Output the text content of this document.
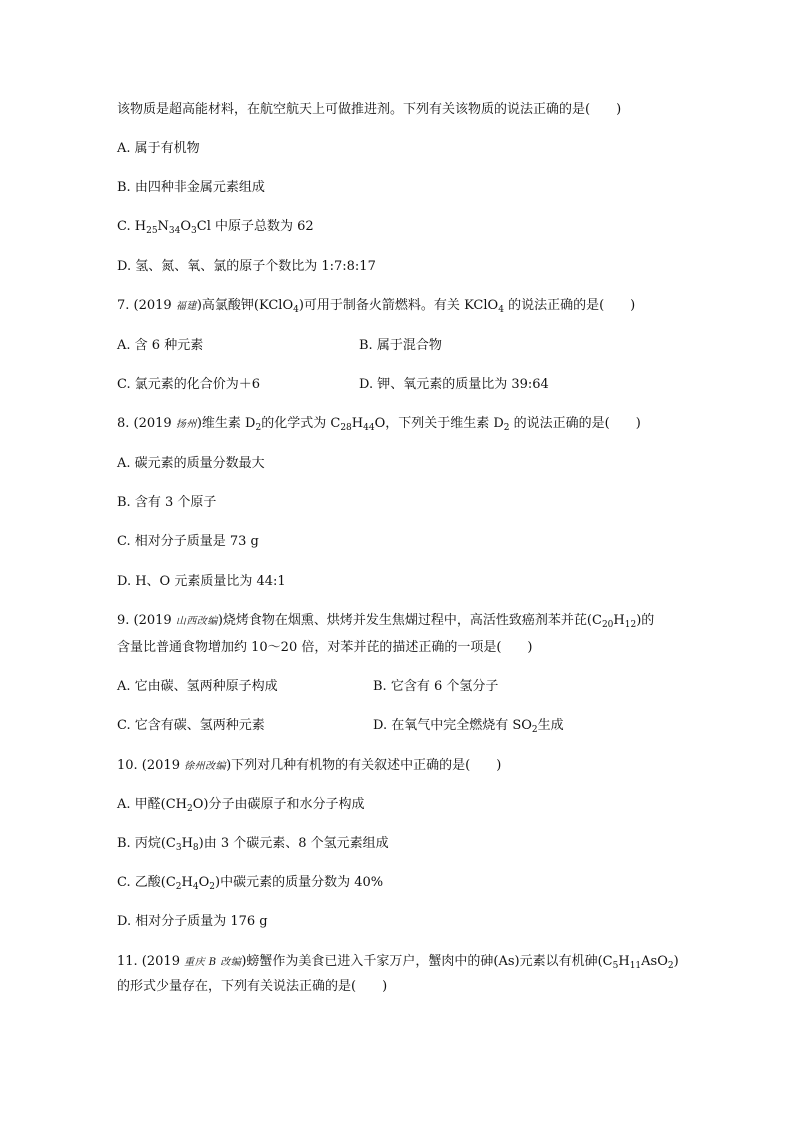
该物质是超高能材料，在航空航天上可做推进剂。下列有关该物质的说法正确的是(　　)
A. 属于有机物
B. 由四种非金属元素组成
C. $H_{25}N_{34}O_3Cl$ 中原子总数为 62
D. 氢、氮、氧、氯的原子个数比为 1:7:8:17
7. (2019 福建)高氯酸钾(KClO$_4$)可用于制备火箭燃料。有关 KClO$_4$ 的说法正确的是(　　)
A. 含 6 种元素	B. 属于混合物
C. 氯元素的化合价为＋6	D. 钾、氧元素的质量比为 39:64
8. (2019 扬州)维生素 $D_2$的化学式为 $C_{28}H_{44}O$，下列关于维生素 $D_2$ 的说法正确的是(　　)
A. 碳元素的质量分数最大
B. 含有 3 个原子
C. 相对分子质量是 73 g
D. H、O 元素质量比为 44:1
9. (2019 山西改编)烧烤食物在烟熏、烘烤并发生焦煳过程中，高活性致癌剂苯并芘$(C_{20}H_{12})$的
含量比普通食物增加约 10～20 倍，对苯并芘的描述正确的一项是(　　)
A. 它由碳、氢两种原子构成	B. 它含有 6 个氢分子
C. 它含有碳、氢两种元素	D. 在氧气中完全燃烧有 $SO_2$生成
10. (2019 徐州改编)下列对几种有机物的有关叙述中正确的是(　　)
A. 甲醛$(CH_2O)$分子由碳原子和水分子构成
B. 丙烷$(C_3H_8)$由 3 个碳元素、8 个氢元素组成
C. 乙酸$(C_2H_4O_2)$中碳元素的质量分数为 40%
D. 相对分子质量为 176 g
11. (2019 重庆 B 改编)螃蟹作为美食已进入千家万户，蟹肉中的砷(As)元素以有机砷$(C_5H_{11}AsO_2)$
的形式少量存在，下列有关说法正确的是(　　)
